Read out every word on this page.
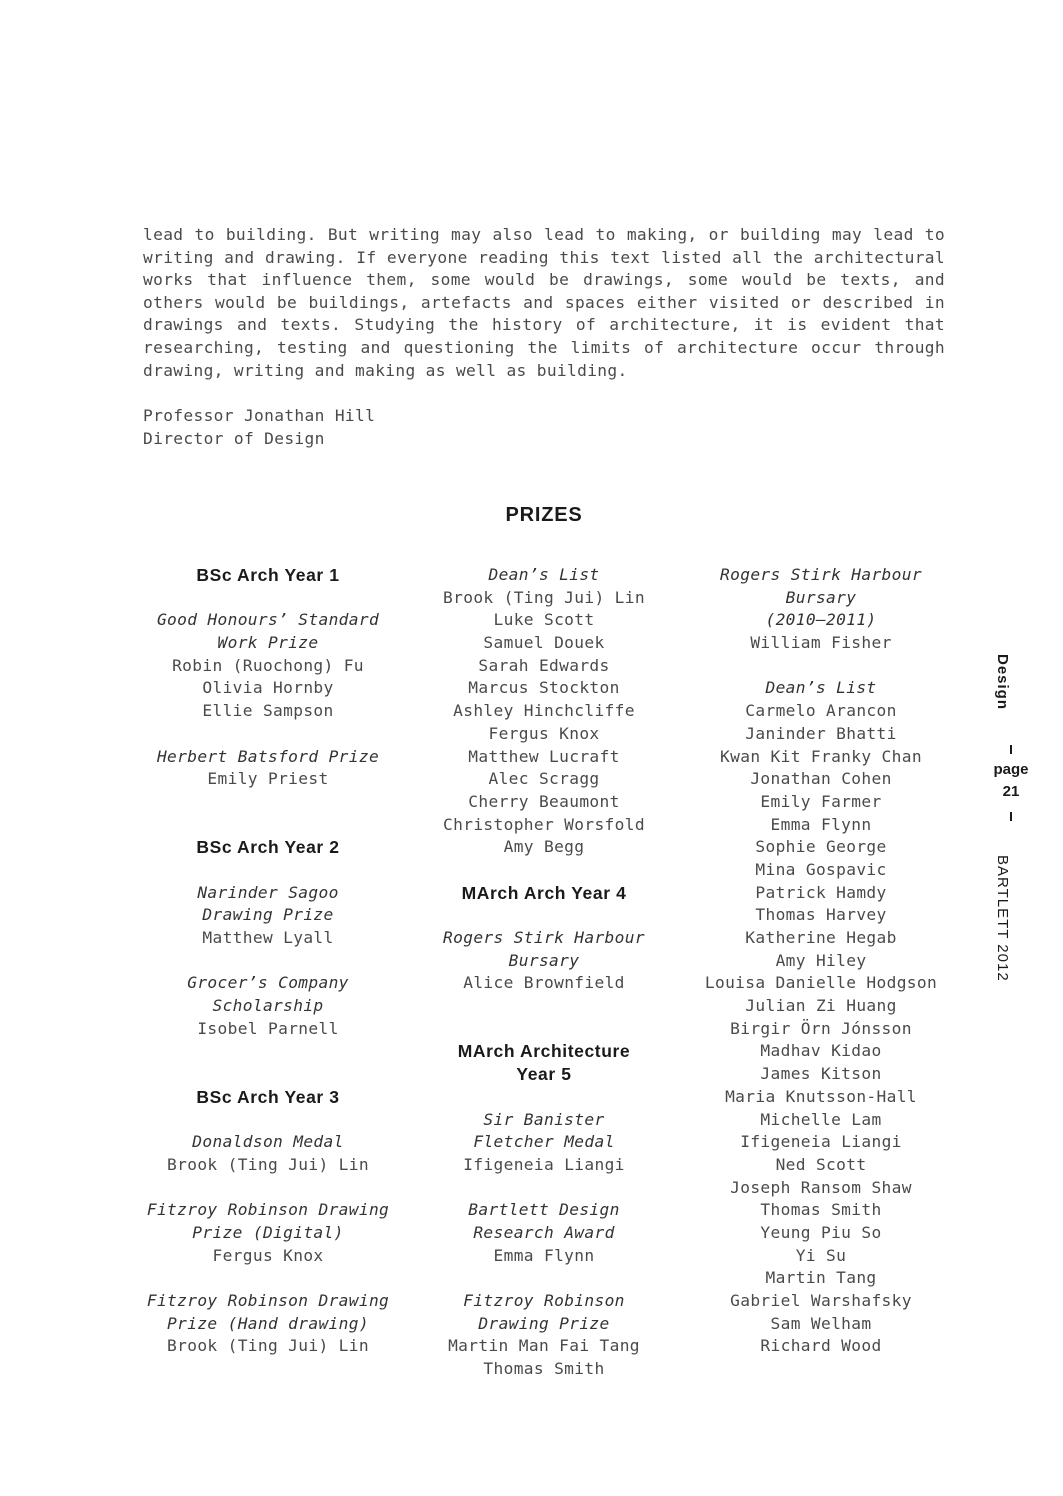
lead to building. But writing may also lead to making, or building may lead to writing and drawing. If everyone reading this text listed all the architectural works that influence them, some would be drawings, some would be texts, and others would be buildings, artefacts and spaces either visited or described in drawings and texts. Studying the history of architecture, it is evident that researching, testing and questioning the limits of architecture occur through drawing, writing and making as well as building.

Professor Jonathan Hill
Director of Design
PRIZES
BSc Arch Year 1
Good Honours’ Standard
Work Prize
Robin (Ruochong) Fu
Olivia Hornby
Ellie Sampson
Herbert Batsford Prize
Emily Priest
BSc Arch Year 2
Narinder Sagoo
Drawing Prize
Matthew Lyall
Grocer’s Company
Scholarship
Isobel Parnell
BSc Arch Year 3
Donaldson Medal
Brook (Ting Jui) Lin
Fitzroy Robinson Drawing
Prize (Digital)
Fergus Knox
Fitzroy Robinson Drawing
Prize (Hand drawing)
Brook (Ting Jui) Lin
Dean’s List
Brook (Ting Jui) Lin
Luke Scott
Samuel Douek
Sarah Edwards
Marcus Stockton
Ashley Hinchcliffe
Fergus Knox
Matthew Lucraft
Alec Scragg
Cherry Beaumont
Christopher Worsfold
Amy Begg
MArch Arch Year 4
Rogers Stirk Harbour
Bursary
Alice Brownfield
MArch Architecture
Year 5
Sir Banister
Fletcher Medal
Ifigeneia Liangi
Bartlett Design
Research Award
Emma Flynn
Fitzroy Robinson
Drawing Prize
Martin Man Fai Tang
Thomas Smith
Rogers Stirk Harbour
Bursary
(2010—2011)
William Fisher
Dean’s List
Carmelo Arancon
Janinder Bhatti
Kwan Kit Franky Chan
Jonathan Cohen
Emily Farmer
Emma Flynn
Sophie George
Mina Gospavic
Patrick Hamdy
Thomas Harvey
Katherine Hegab
Amy Hiley
Louisa Danielle Hodgson
Julian Zi Huang
Birgir Örn Jónsson
Madhav Kidao
James Kitson
Maria Knutsson-Hall
Michelle Lam
Ifigeneia Liangi
Ned Scott
Joseph Ransom Shaw
Thomas Smith
Yeung Piu So
Yi Su
Martin Tang
Gabriel Warshafsky
Sam Welham
Richard Wood
Design
page
21
BARTLETT 2012
